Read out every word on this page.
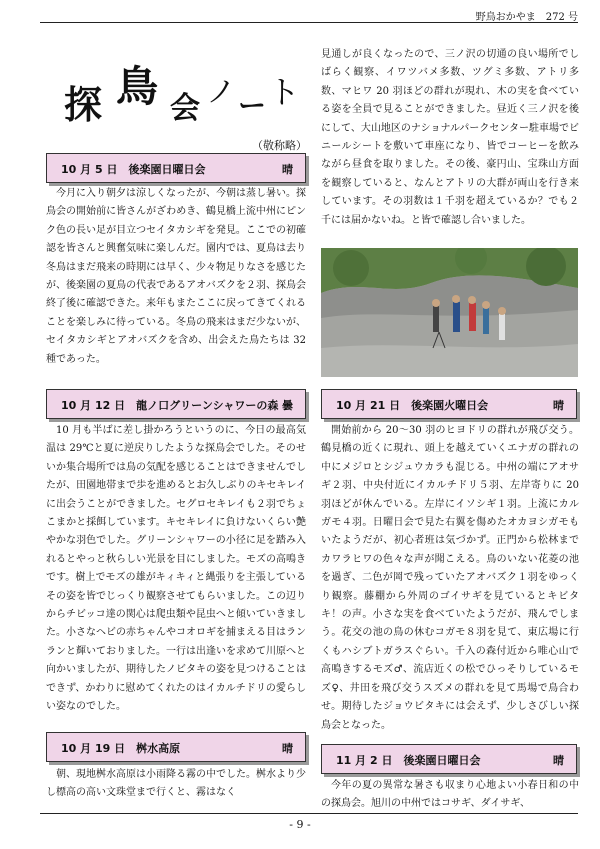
野鳥おかやま　272 号
探 鳥 会 ノ ー ト
（敬称略）
10 月 5 日　後楽園日曜日会	晴

今月に入り朝夕は涼しくなったが、今朝は蒸し暑い。探鳥会の開始前に皆さんがざわめき、鶴見橋上流中州にピンク色の長い足が目立つセイタカシギを発見。ここでの初確認を皆さんと興奮気味に楽しんだ。園内では、夏鳥は去り冬鳥はまだ飛来の時期には早く、少々物足りなさを感じたが、後楽園の夏鳥の代表であるアオバズクを２羽、探鳥会終了後に確認できた。来年もまたここに戻ってきてくれることを楽しみに待っている。冬鳥の飛来はまだ少ないが、セイタカシギとアオバズクを含め、出会えた鳥たちは 32 種であった。

10 月 12 日　龍ノ口グリーンシャワーの森 曇

10 月も半ばに差し掛かろうというのに、今日の最高気温は 29℃と夏に逆戻りしたような探鳥会でした。そのせいか集合場所では鳥の気配を感じることはできませんでしたが、田園地帯まで歩を進めるとお久しぶりのキセキレイに出会うことができました。セグロセキレイも２羽でちょこまかと採餌しています。キセキレイに負けないくらい艶やかな羽色でした。グリーンシャワーの小径に足を踏み入れるとやっと秋らしい光景を目にしました。モズの高鳴きです。樹上でモズの雄がキィキィと縄張りを主張しているその姿を皆でじっくり観察させてもらいました。この辺りからチビッコ達の関心は爬虫類や昆虫へと傾いていきました。小さなヘビの赤ちゃんやコオロギを捕まえる目はランランと輝いておりました。一行は出逢いを求めて川原へと向かいましたが、期待したノビタキの姿を見つけることはできず、かわりに慰めてくれたのはイカルチドリの愛らしい姿なのでした。

10 月 19 日　桝水高原	晴

朝、現地桝水高原は小雨降る霧の中でした。桝水より少し標高の高い文珠堂まで行くと、霧はなく

見通しが良くなったので、三ノ沢の切通の良い場所でしばらく観察、イワツバメ多数、ツグミ多数、アトリ多数、マヒワ 20 羽ほどの群れが現れ、木の実を食べている姿を全員で見ることができました。昼近く三ノ沢を後にして、大山地区のナショナルパークセンター駐車場でビニールシートを敷いて車座になり、皆でコーヒーを飲みながら昼食を取りました。その後、豪円山、宝珠山方面を観察していると、なんとアトリの大群が両山を行き来しています。その羽数は１千羽を超えているか？でも２千には届かないね。と皆で確認し合いました。

10 月 21 日　後楽園火曜日会	晴

開始前から 20〜30 羽のヒヨドリの群れが飛び交う。鶴見橋の近くに現れ、頭上を越えていくエナガの群れの中にメジロとシジュウカラも混じる。中州の端にアオサギ２羽、中央付近にイカルチドリ５羽、左岸寄りに 20 羽ほどが休んでいる。左岸にイソシギ１羽。上流にカルガモ４羽。日曜日会で見た右翼を傷めたオカヨシガモもいたようだが、初心者班は気づかず。正門から松林までカワラヒワの色々な声が聞こえる。鳥のいない花菱の池を過ぎ、二色が岡で残っていたアオバズク１羽をゆっくり観察。藤棚から外周のゴイサギを見ているとキビタキ！の声。小さな実を食べていたようだが、飛んでしまう。花交の池の鳥の休むコガモ８羽を見て、東広場に行くもハシブトガラスぐらい。千入の森付近から唯心山で高鳴きするモズ♂、流店近くの松でひっそりしているモズ♀、井田を飛び交うスズメの群れを見て馬場で鳥合わせ。期待したジョウビタキには会えず、少しさびしい探鳥会となった。

11 月 2 日　後楽園日曜日会	晴

今年の夏の異常な暑さも収まり心地よい小春日和の中の探鳥会。旭川の中州ではコサギ、ダイサギ、

- 9 -
